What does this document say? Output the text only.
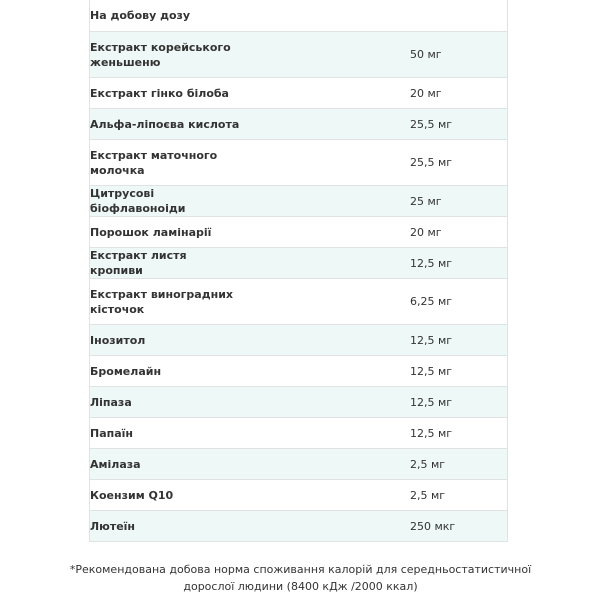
На добову дозу	

Екстракт корейського женьшеню	50 мг

Екстракт гінко білоба	20 мг

Альфа-ліпоєва кислота	25,5 мг

Екстракт маточного молочка	25,5 мг

Цитрусові біофлавоноіди	25 мг

Порошок ламінарії	20 мг

Екстракт листя кропиви	12,5 мг

Екстракт виноградних кісточок	6,25 мг

Інозитол	12,5 мг

Бромелайн	12,5 мг

Ліпаза	12,5 мг

Папаїн	12,5 мг

Амілаза	2,5 мг

Коензим Q10	2,5 мг

Лютеїн	250 мкг
*Рекомендована добова норма споживання калорій для середньостатистичної
дорослої людини (8400 кДж /2000 ккал)
